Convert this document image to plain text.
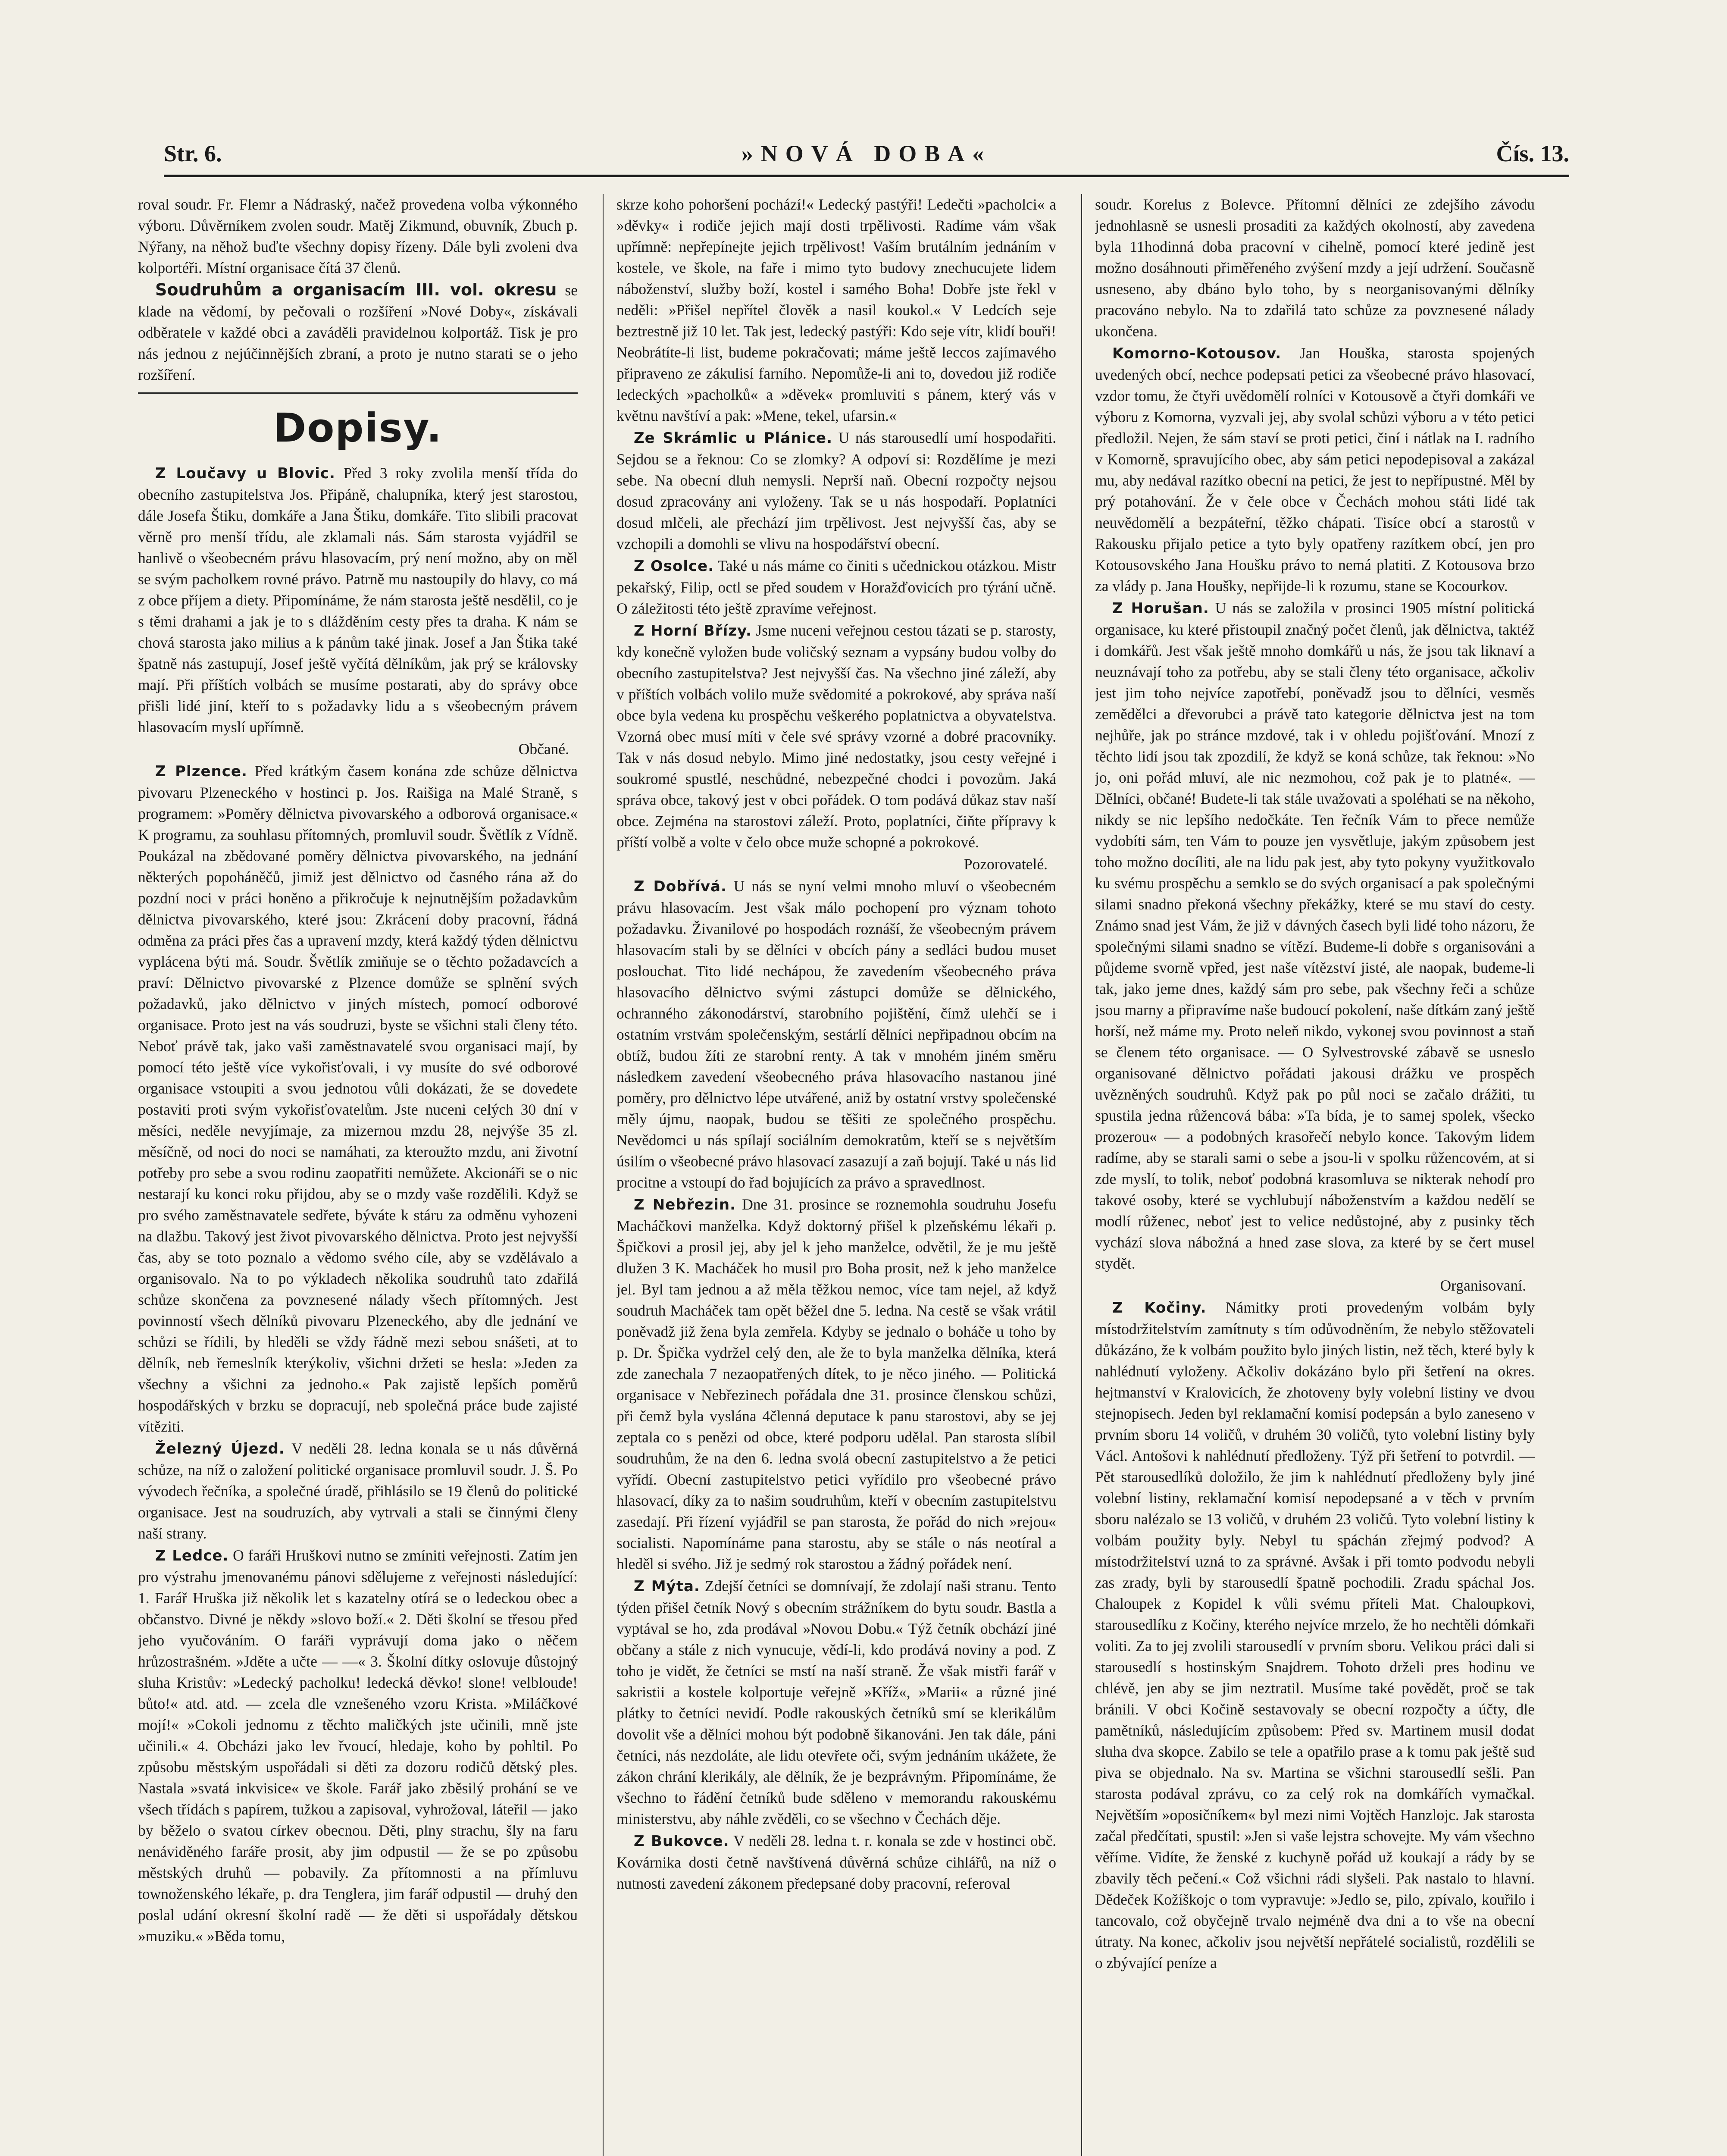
Str. 6.	»NOVÁ DOBA«	Čís. 13.

roval soudr. Fr. Flemr a Nádraský, načež provedena volba výkonného výboru. Důvěrníkem zvolen soudr. Matěj Zikmund, obuvník, Zbuch p. Nýřany, na něhož buďte všechny dopisy řízeny. Dále byli zvoleni dva kolportéři. Místní organisace čítá 37 členů.

Soudruhům a organisacím III. vol. okresu se klade na vědomí, by pečovali o rozšíření »Nové Doby«, získávali odběratele v každé obci a zaváděli pravidelnou kolportáž. Tisk je pro nás jednou z nejúčinnějších zbraní, a proto je nutno starati se o jeho rozšíření.

Dopisy.

Z Loučavy u Blovic. Před 3 roky zvolila menší třída do obecního zastupitelstva Jos. Připáně, chalupníka, který jest starostou, dále Josefa Štiku, domkáře a Jana Štiku, domkáře. Tito slibili pracovat věrně pro menší třídu, ale zklamali nás. Sám starosta vyjádřil se hanlivě o všeobecném právu hlasovacím, prý není možno, aby on měl se svým pacholkem rovné právo. Patrně mu nastoupily do hlavy, co má z obce příjem a diety. Připomínáme, že nám starosta ještě nesdělil, co je s těmi drahami a jak je to s dlážděním cesty přes ta draha. K nám se chová starosta jako milius a k pánům také jinak. Josef a Jan Štika také špatně nás zastupují, Josef ještě vyčítá dělníkům, jak prý se královsky mají. Při příštích volbách se musíme postarati, aby do správy obce přišli lidé jiní, kteří to s požadavky lidu a s všeobecným právem hlasovacím myslí upřímně.

Občané.

Z Plzence. Před krátkým časem konána zde schůze dělnictva pivovaru Plzeneckého v hostinci p. Jos. Raišiga na Malé Straně, s programem: »Poměry dělnictva pivovarského a odborová organisace.« K programu, za souhlasu přítomných, promluvil soudr. Švětlík z Vídně. Poukázal na zbědované poměry dělnictva pivovarského, na jednání některých popoháněčů, jimiž jest dělnictvo od časného rána až do pozdní noci v práci honěno a přikročuje k nejnutnějším požadavkům dělnictva pivovarského, které jsou: Zkrácení doby pracovní, řádná odměna za práci přes čas a upravení mzdy, která každý týden dělnictvu vyplácena býti má. Soudr. Švětlík zmiňuje se o těchto požadavcích a praví: Dělnictvo pivovarské z Plzence domůže se splnění svých požadavků, jako dělnictvo v jiných místech, pomocí odborové organisace. Proto jest na vás soudruzi, byste se všichni stali členy této. Neboť právě tak, jako vaši zaměstnavatelé svou organisaci mají, by pomocí této ještě více vykořisťovali, i vy musíte do své odborové organisace vstoupiti a svou jednotou vůli dokázati, že se dovedete postaviti proti svým vykořisťovatelům. Jste nuceni celých 30 dní v měsíci, neděle nevyjímaje, za mizernou mzdu 28, nejvýše 35 zl. měsíčně, od noci do noci se namáhati, za kteroužto mzdu, ani životní potřeby pro sebe a svou rodinu zaopatřiti nemůžete. Akcionáři se o nic nestarají ku konci roku přijdou, aby se o mzdy vaše rozdělili. Když se pro svého zaměstnavatele sedřete, býváte k stáru za odměnu vyhozeni na dlažbu. Takový jest život pivovarského dělnictva. Proto jest nejvyšší čas, aby se toto poznalo a vědomo svého cíle, aby se vzdělávalo a organisovalo. Na to po výkladech několika soudruhů tato zdařilá schůze skončena za povznesené nálady všech přítomných. Jest povinností všech dělníků pivovaru Plzeneckého, aby dle jednání ve schůzi se řídili, by hleděli se vždy řádně mezi sebou snášeti, at to dělník, neb řemeslník kterýkoliv, všichni držeti se hesla: »Jeden za všechny a všichni za jednoho.« Pak zajistě lepších poměrů hospodářských v brzku se dopracují, neb společná práce bude zajisté vítěziti.

Železný Újezd. V neděli 28. ledna konala se u nás důvěrná schůze, na níž o založení politické organisace promluvil soudr. J. Š. Po vývodech řečníka, a společné úradě, přihlásilo se 19 členů do politické organisace. Jest na soudruzích, aby vytrvali a stali se činnými členy naší strany.

Z Ledce. O faráři Hruškovi nutno se zmíniti veřejnosti. Zatím jen pro výstrahu jmenovanému pánovi sdělujeme z veřejnosti následující: 1. Farář Hruška již několik let s kazatelny otírá se o ledeckou obec a občanstvo. Divné je někdy »slovo boží.« 2. Děti školní se třesou před jeho vyučováním. O faráři vyprávují doma jako o něčem hrůzostrašném. »Jděte a učte — —« 3. Školní dítky oslovuje důstojný sluha Kristův: »Ledecký pacholku! ledecká děvko! slone! velbloude! bůto!« atd. atd. — zcela dle vznešeného vzoru Krista. »Miláčkové mojí!« »Cokoli jednomu z těchto maličkých jste učinili, mně jste učinili.« 4. Obcházi jako lev řvoucí, hledaje, koho by pohltil. Po způsobu městským uspořádali si děti za dozoru rodičů dětský ples. Nastala »svatá inkvisice« ve škole. Farář jako zběsilý prohání se ve všech třídách s papírem, tužkou a zapisoval, vyhrožoval, láteřil — jako by běželo o svatou církev obecnou. Děti, plny strachu, šly na faru nenáviděného faráře prosit, aby jim odpustil — že se po způsobu městských druhů — pobavily. Za přítomnosti a na přímluvu townoženského lékaře, p. dra Tenglera, jim farář odpustil — druhý den poslal udání okresní školní radě — že děti si uspořádaly dětskou »muziku.« »Běda tomu,

skrze koho pohoršení pochází!« Ledecký pastýři! Ledečti »pacholci« a »děvky« i rodiče jejich mají dosti trpělivosti. Radíme vám však upřímně: nepřepínejte jejich trpělivost! Vaším brutálním jednáním v kostele, ve škole, na faře i mimo tyto budovy znechucujete lidem náboženství, služby boží, kostel i samého Boha! Dobře jste řekl v neděli: »Přišel nepřítel člověk a nasil koukol.« V Ledcích seje beztrestně již 10 let. Tak jest, ledecký pastýři: Kdo seje vítr, klidí bouři! Neobrátíte-li list, budeme pokračovati; máme ještě leccos zajímavého připraveno ze zákulisí farního. Nepomůže-li ani to, dovedou již rodiče ledeckých »pacholků« a »děvek« promluviti s pánem, který vás v květnu navštíví a pak: »Mene, tekel, ufarsin.«

Ze Skrámlic u Plánice. U nás starousedlí umí hospodařiti. Sejdou se a řeknou: Co se zlomky? A odpoví si: Rozdělíme je mezi sebe. Na obecní dluh nemysli. Neprší naň. Obecní rozpočty nejsou dosud zpracovány ani vyloženy. Tak se u nás hospodaří. Poplatníci dosud mlčeli, ale přechází jim trpělivost. Jest nejvyšší čas, aby se vzchopili a domohli se vlivu na hospodářství obecní.

Z Osolce. Také u nás máme co činiti s učednickou otázkou. Mistr pekařský, Filip, octl se před soudem v Horažďovicích pro týrání učně. O záležitosti této ještě zpravíme veřejnost.

Z Horní Břízy. Jsme nuceni veřejnou cestou tázati se p. starosty, kdy konečně vyložen bude voličský seznam a vypsány budou volby do obecního zastupitelstva? Jest nejvyšší čas. Na všechno jiné záleží, aby v příštích volbách volilo muže svědomité a pokrokové, aby správa naší obce byla vedena ku prospěchu veškerého poplatnictva a obyvatelstva. Vzorná obec musí míti v čele své správy vzorné a dobré pracovníky. Tak v nás dosud nebylo. Mimo jiné nedostatky, jsou cesty veřejné i soukromé spustlé, neschůdné, nebezpečné chodci i povozům. Jaká správa obce, takový jest v obci pořádek. O tom podává důkaz stav naší obce. Zejména na starostovi záleží. Proto, poplatníci, čiňte přípravy k příští volbě a volte v čelo obce muže schopné a pokrokové.

Pozorovatelé.

Z Dobřívá. U nás se nyní velmi mnoho mluví o všeobecném právu hlasovacím. Jest však málo pochopení pro význam tohoto požadavku. Živanilové po hospodách roznáší, že všeobecným právem hlasovacím stali by se dělníci v obcích pány a sedláci budou muset poslouchat. Tito lidé nechápou, že zavedením všeobecného práva hlasovacího dělnictvo svými zástupci domůže se dělnického, ochranného zákonodárství, starobního pojištění, čímž ulehčí se i ostatním vrstvám společenským, sestárlí dělníci nepřipadnou obcím na obtíž, budou žíti ze starobní renty. A tak v mnohém jiném směru následkem zavedení všeobecného práva hlasovacího nastanou jiné poměry, pro dělnictvo lépe utvářené, aniž by ostatní vrstvy společenské měly újmu, naopak, budou se těšiti ze společného prospěchu. Nevědomci u nás spílají sociálním demokratům, kteří se s největším úsilím o všeobecné právo hlasovací zasazují a zaň bojují. Také u nás lid procitne a vstoupí do řad bojujících za právo a spravedlnost.

Z Nebřezin. Dne 31. prosince se roznemohla soudruhu Josefu Macháčkovi manželka. Když doktorný přišel k plzeňskému lékaři p. Špičkovi a prosil jej, aby jel k jeho manželce, odvětil, že je mu ještě dlužen 3 K. Macháček ho musil pro Boha prosit, než k jeho manželce jel. Byl tam jednou a až měla těžkou nemoc, více tam nejel, až když soudruh Macháček tam opět běžel dne 5. ledna. Na cestě se však vrátil poněvadž již žena byla zemřela. Kdyby se jednalo o boháče u toho by p. Dr. Špička vydržel celý den, ale že to byla manželka dělníka, která zde zanechala 7 nezaopatřených dítek, to je něco jiného. — Politická organisace v Nebřezinech pořádala dne 31. prosince členskou schůzi, při čemž byla vyslána 4členná deputace k panu starostovi, aby se jej zeptala co s penězi od obce, které podporu udělal. Pan starosta slíbil soudruhům, že na den 6. ledna svolá obecní zastupitelstvo a že petici vyřídí. Obecní zastupitelstvo petici vyřídilo pro všeobecné právo hlasovací, díky za to našim soudruhům, kteří v obecním zastupitelstvu zasedají. Při řízení vyjádřil se pan starosta, že pořád do nich »rejou« socialisti. Napomínáme pana starostu, aby se stále o nás neotíral a hleděl si svého. Již je sedmý rok starostou a žádný pořádek není.

Z Mýta. Zdejší četníci se domnívají, že zdolají naši stranu. Tento týden přišel četník Nový s obecním strážníkem do bytu soudr. Bastla a vyptával se ho, zda prodával »Novou Dobu.« Týž četník obchází jiné občany a stále z nich vynucuje, vědí-li, kdo prodává noviny a pod. Z toho je vidět, že četníci se mstí na naší straně. Že však mistři farář v sakristii a kostele kolportuje veřejně »Kříž«, »Marii« a různé jiné plátky to četníci nevidí. Podle rakouských četníků smí se klerikálům dovolit vše a dělníci mohou být podobně šikanováni. Jen tak dále, páni četníci, nás nezdoláte, ale lidu otevřete oči, svým jednáním ukážete, že zákon chrání klerikály, ale dělník, že je bezprávným. Připomínáme, že všechno to řádění četníků bude sděleno v memorandu rakouskému ministerstvu, aby náhle zvěděli, co se všechno v Čechách děje.

Z Bukovce. V neděli 28. ledna t. r. konala se zde v hostinci obč. Kovárnika dosti četně navštívená důvěrná schůze cihlářů, na níž o nutnosti zavedení zákonem předepsané doby pracovní, referoval

soudr. Korelus z Bolevce. Přítomní dělníci ze zdejšího závodu jednohlasně se usnesli prosaditi za každých okolností, aby zavedena byla 11hodinná doba pracovní v cihelně, pomocí které jedině jest možno dosáhnouti přiměřeného zvýšení mzdy a její udržení. Současně usneseno, aby dbáno bylo toho, by s neorganisovanými dělníky pracováno nebylo. Na to zdařilá tato schůze za povznesené nálady ukončena.

Komorno-Kotousov. Jan Houška, starosta spojených uvedených obcí, nechce podepsati petici za všeobecné právo hlasovací, vzdor tomu, že čtyři uvědomělí rolníci v Kotousově a čtyři domkáři ve výboru z Komorna, vyzvali jej, aby svolal schůzi výboru a v této petici předložil. Nejen, že sám staví se proti petici, činí i nátlak na I. radního v Komorně, spravujícího obec, aby sám petici nepodepisoval a zakázal mu, aby nedával razítko obecní na petici, že jest to nepřípustné. Měl by prý potahování. Že v čele obce v Čechách mohou státi lidé tak neuvědomělí a bezpáteřní, těžko chápati. Tisíce obcí a starostů v Rakousku přijalo petice a tyto byly opatřeny razítkem obcí, jen pro Kotousovského Jana Houšku právo to nemá platiti. Z Kotousova brzo za vlády p. Jana Houšky, nepřijde-li k rozumu, stane se Kocourkov.

Z Horušan. U nás se založila v prosinci 1905 místní politická organisace, ku které přistoupil značný počet členů, jak dělnictva, taktéž i domkářů. Jest však ještě mnoho domkářů u nás, že jsou tak liknaví a neuznávají toho za potřebu, aby se stali členy této organisace, ačkoliv jest jim toho nejvíce zapotřebí, poněvadž jsou to dělníci, vesměs zemědělci a dřevorubci a právě tato kategorie dělnictva jest na tom nejhůře, jak po stránce mzdové, tak i v ohledu pojišťování. Mnozí z těchto lidí jsou tak zpozdilí, že když se koná schůze, tak řeknou: »No jo, oni pořád mluví, ale nic nezmohou, což pak je to platné«. — Dělníci, občané! Budete-li tak stále uvažovati a spoléhati se na někoho, nikdy se nic lepšího nedočkáte. Ten řečník Vám to přece nemůže vydobíti sám, ten Vám to pouze jen vysvětluje, jakým způsobem jest toho možno docíliti, ale na lidu pak jest, aby tyto pokyny využitkovalo ku svému prospěchu a semklo se do svých organisací a pak společnými silami snadno překoná všechny překážky, které se mu staví do cesty. Známo snad jest Vám, že již v dávných časech byli lidé toho názoru, že společnými silami snadno se vítězí. Budeme-li dobře s organisováni a půjdeme svorně vpřed, jest naše vítězství jisté, ale naopak, budeme-li tak, jako jeme dnes, každý sám pro sebe, pak všechny řeči a schůze jsou marny a připravíme naše budoucí pokolení, naše dítkám zaný ještě horší, než máme my. Proto neleň nikdo, vykonej svou povinnost a staň se členem této organisace. — O Sylvestrovské zábavě se usneslo organisované dělnictvo pořádati jakousi drážku ve prospěch uvězněných soudruhů. Když pak po půl noci se začalo drážiti, tu spustila jedna růžencová bába: »Ta bída, je to samej spolek, všecko prozerou« — a podobných krasořečí nebylo konce. Takovým lidem radíme, aby se starali sami o sebe a jsou-li v spolku růžencovém, at si zde myslí, to tolik, neboť podobná krasomluva se nikterak nehodí pro takové osoby, které se vychlubují náboženstvím a každou nedělí se modlí růženec, neboť jest to velice nedůstojné, aby z pusinky těch vychází slova nábožná a hned zase slova, za které by se čert musel stydět.

Organisovaní.

Z Kočiny. Námitky proti provedeným volbám byly místodržitelstvím zamítnuty s tím odůvodněním, že nebylo stěžovateli důkázáno, že k volbám použito bylo jiných listin, než těch, které byly k nahlédnutí vyloženy. Ačkoliv dokázáno bylo při šetření na okres. hejtmanství v Kralovicích, že zhotoveny byly volební listiny ve dvou stejnopisech. Jeden byl reklamační komisí podepsán a bylo zaneseno v prvním sboru 14 voličů, v druhém 30 voličů, tyto volební listiny byly Václ. Antošovi k nahlédnutí předloženy. Týž při šetření to potvrdil. — Pět starousedlíků doložilo, že jim k nahlédnutí předloženy byly jiné volební listiny, reklamační komisí nepodepsané a v těch v prvním sboru nalézalo se 13 voličů, v druhém 23 voličů. Tyto volební listiny k volbám použity byly. Nebyl tu spáchán zřejmý podvod? A místodržitelství uzná to za správné. Avšak i při tomto podvodu nebyli zas zrady, byli by starousedlí špatně pochodili. Zradu spáchal Jos. Chaloupek z Kopidel k vůli svému příteli Mat. Chaloupkovi, starousedlíku z Kočiny, kterého nejvíce mrzelo, že ho nechtěli dómkaři voliti. Za to jej zvolili starousedlí v prvním sboru. Velikou práci dali si starousedlí s hostinským Snajdrem. Tohoto drželi pres hodinu ve chlévě, jen aby se jim neztratil. Musíme také povědět, proč se tak bránili. V obci Kočině sestavovaly se obecní rozpočty a účty, dle pamětníků, následujícím způsobem: Před sv. Martinem musil dodat sluha dva skopce. Zabilo se tele a opatřilo prase a k tomu pak ještě sud piva se objednalo. Na sv. Martina se všichni starousedlí sešli. Pan starosta podával zprávu, co za celý rok na domkářích vymačkal. Největším »oposičníkem« byl mezi nimi Vojtěch Hanzlojc. Jak starosta začal předčítati, spustil: »Jen si vaše lejstra schovejte. My vám všechno věříme. Vidíte, že ženské z kuchyně pořád už koukají a rády by se zbavily těch pečení.« Což všichni rádi slyšeli. Pak nastalo to hlavní. Dědeček Kožíškojc o tom vypravuje: »Jedlo se, pilo, zpívalo, kouřilo i tancovalo, což obyčejně trvalo nejméně dva dni a to vše na obecní útraty. Na konec, ačkoliv jsou největší nepřátelé socialistů, rozdělili se o zbývající peníze a
